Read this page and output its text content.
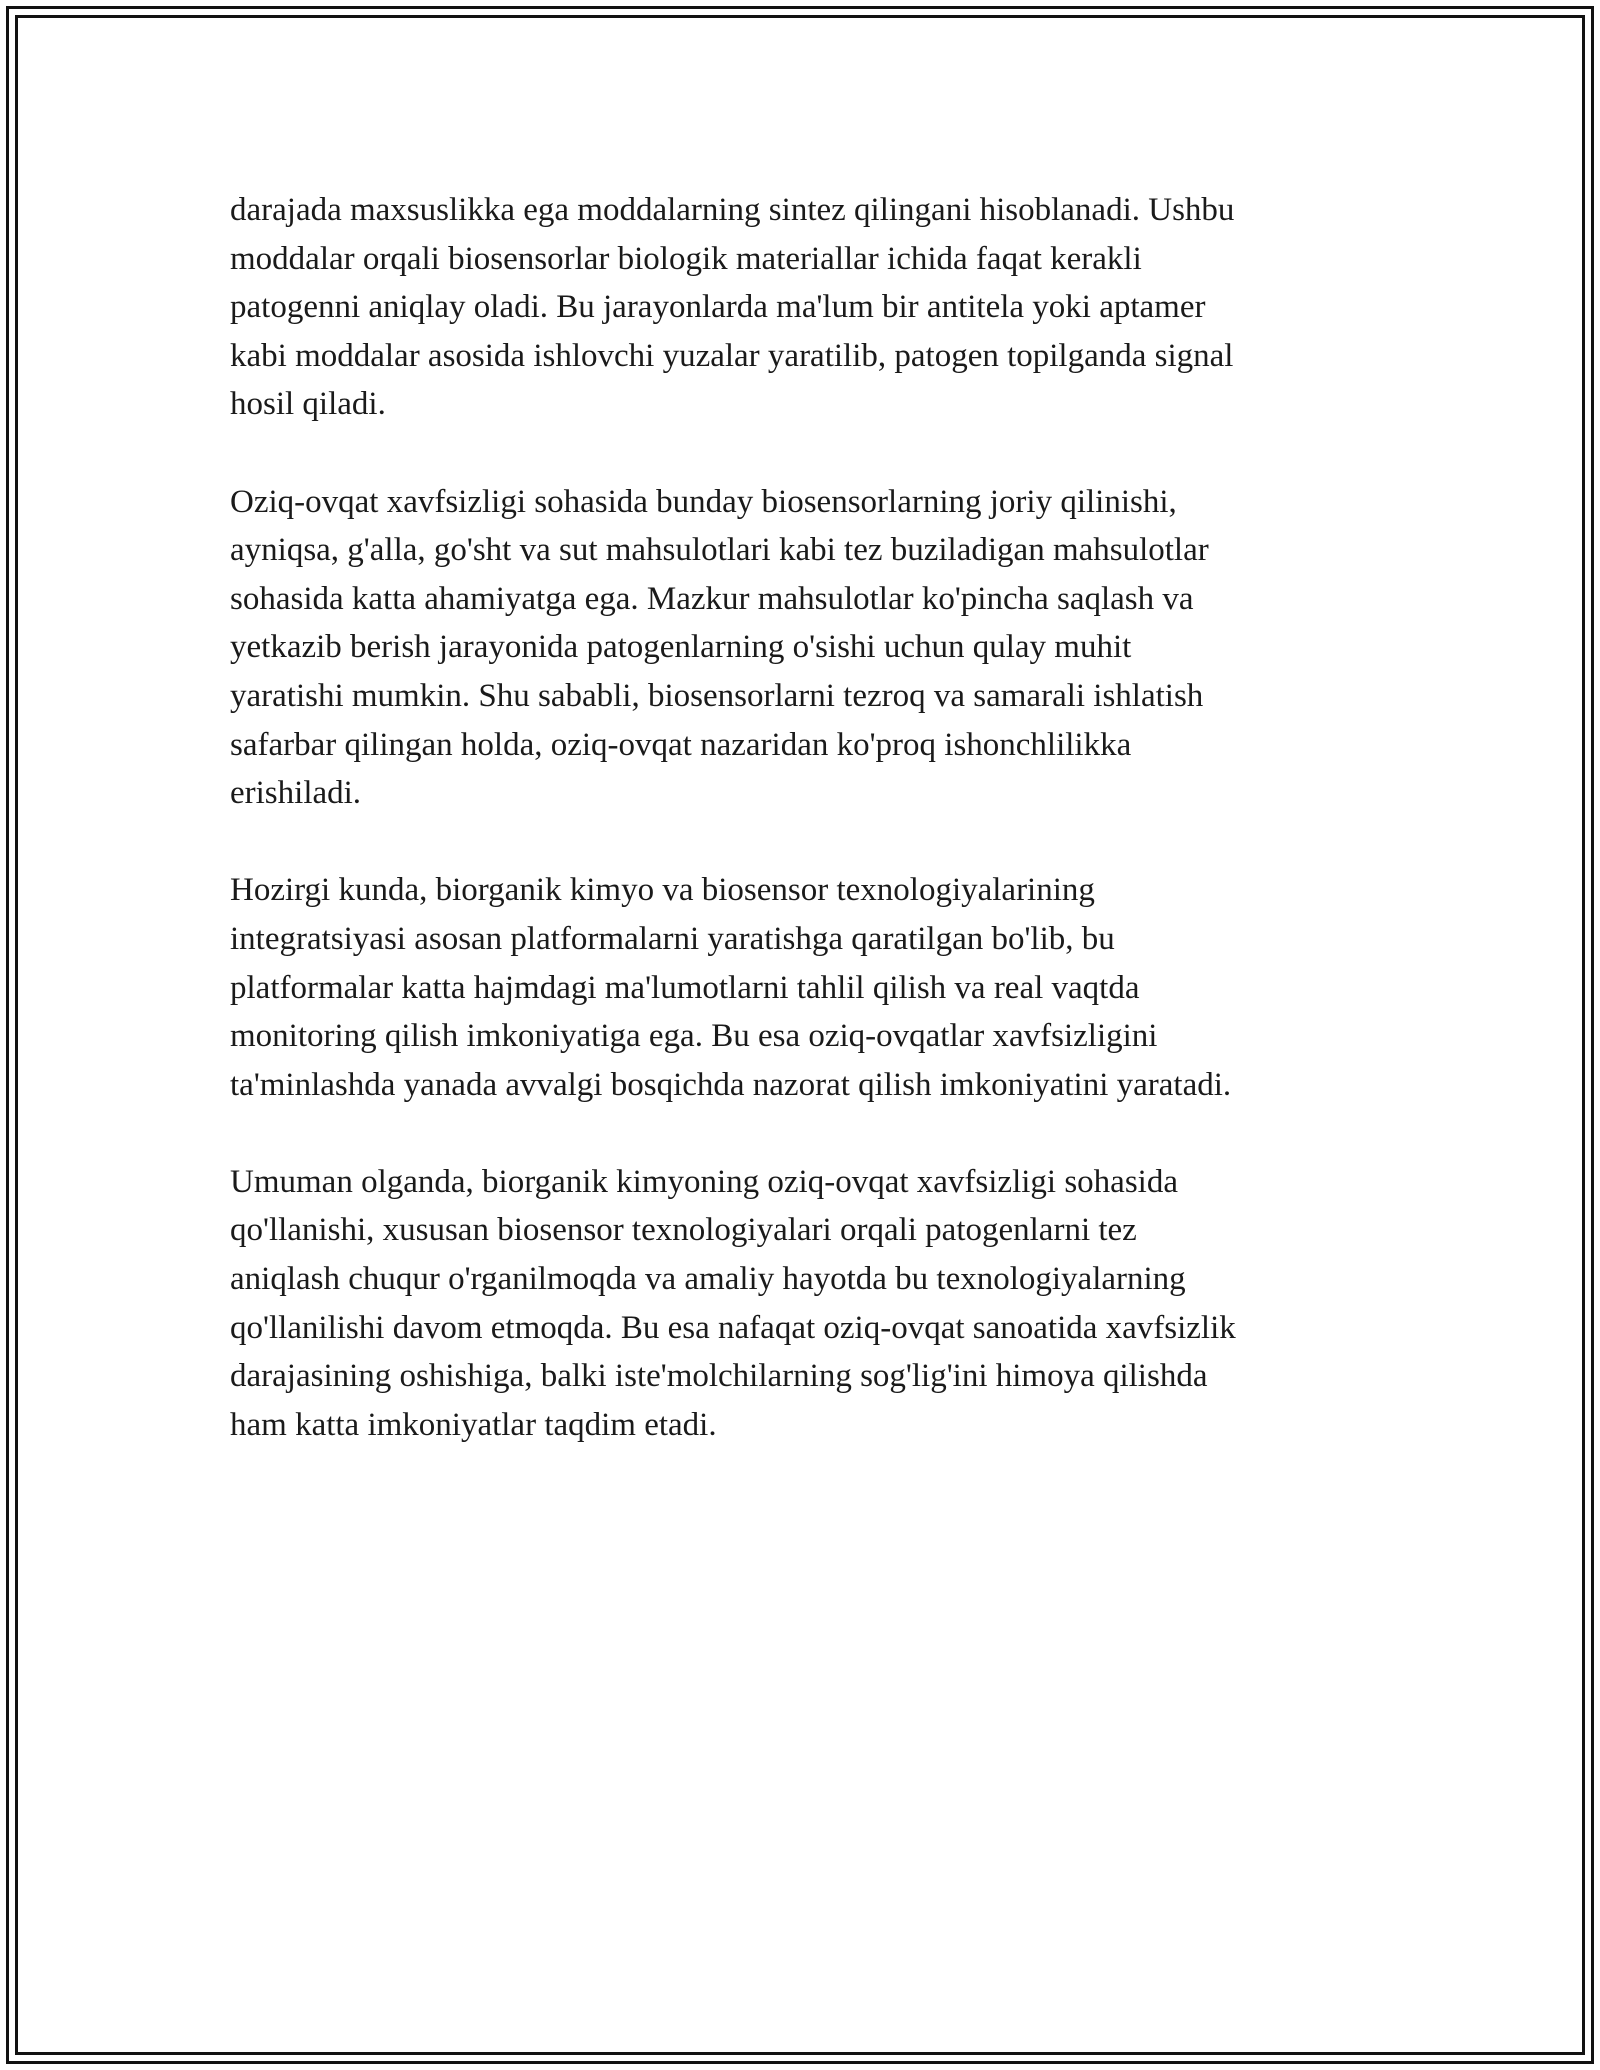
darajada maxsuslikka ega moddalarning sintez qilingani hisoblanadi. Ushbu
moddalar orqali biosensorlar biologik materiallar ichida faqat kerakli
patogenni aniqlay oladi. Bu jarayonlarda ma'lum bir antitela yoki aptamer
kabi moddalar asosida ishlovchi yuzalar yaratilib, patogen topilganda signal
hosil qiladi.

Oziq-ovqat xavfsizligi sohasida bunday biosensorlarning joriy qilinishi,
ayniqsa, g'alla, go'sht va sut mahsulotlari kabi tez buziladigan mahsulotlar
sohasida katta ahamiyatga ega. Mazkur mahsulotlar ko'pincha saqlash va
yetkazib berish jarayonida patogenlarning o'sishi uchun qulay muhit
yaratishi mumkin. Shu sababli, biosensorlarni tezroq va samarali ishlatish
safarbar qilingan holda, oziq-ovqat nazaridan ko'proq ishonchlilikka
erishiladi.

Hozirgi kunda, biorganik kimyo va biosensor texnologiyalarining
integratsiyasi asosan platformalarni yaratishga qaratilgan bo'lib, bu
platformalar katta hajmdagi ma'lumotlarni tahlil qilish va real vaqtda
monitoring qilish imkoniyatiga ega. Bu esa oziq-ovqatlar xavfsizligini
ta'minlashda yanada avvalgi bosqichda nazorat qilish imkoniyatini yaratadi.

Umuman olganda, biorganik kimyoning oziq-ovqat xavfsizligi sohasida
qo'llanishi, xususan biosensor texnologiyalari orqali patogenlarni tez
aniqlash chuqur o'rganilmoqda va amaliy hayotda bu texnologiyalarning
qo'llanilishi davom etmoqda. Bu esa nafaqat oziq-ovqat sanoatida xavfsizlik
darajasining oshishiga, balki iste'molchilarning sog'lig'ini himoya qilishda
ham katta imkoniyatlar taqdim etadi.
